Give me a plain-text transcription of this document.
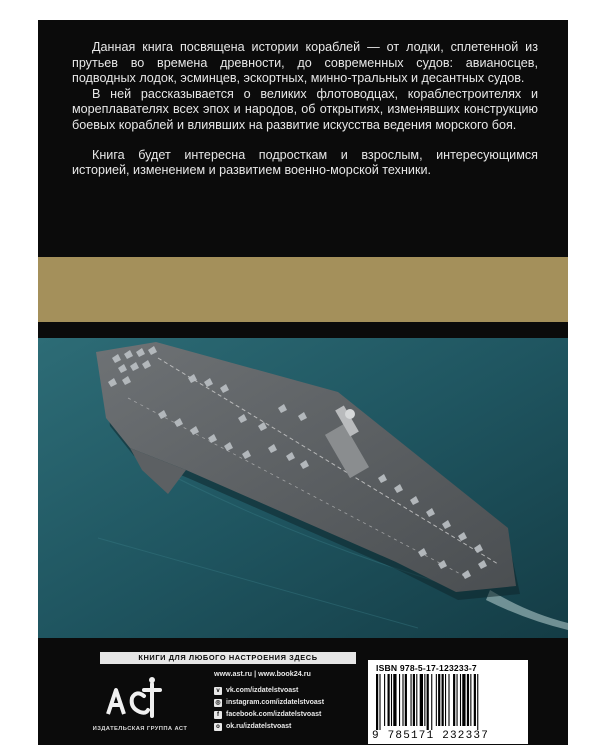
Данная книга посвящена истории кораблей — от лодки, сплетенной из прутьев во времена древности, до современных судов: авианосцев, подводных лодок, эсминцев, эскортных, минно-тральных и десантных судов.

В ней рассказывается о великих флотоводцах, кораблестроителях и мореплавателях всех эпох и народов, об открытиях, изменявших конструкцию боевых кораблей и влиявших на развитие искусства ведения морского боя.

Книга будет интересна подросткам и взрослым, интересующимся историей, изменением и развитием военно-морской техники.

КНИГИ ДЛЯ ЛЮБОГО НАСТРОЕНИЯ ЗДЕСЬ
ИЗДАТЕЛЬСКАЯ ГРУППА АСТ
www.ast.ru | www.book24.ru
v vk.com/izdatelstvoast
◎ instagram.com/izdatelstvoast
f	facebook.com/izdatelstvoast
o ok.ru/izdatelstvoast
ISBN 978-5-17-123233-7
9 785171 232337
